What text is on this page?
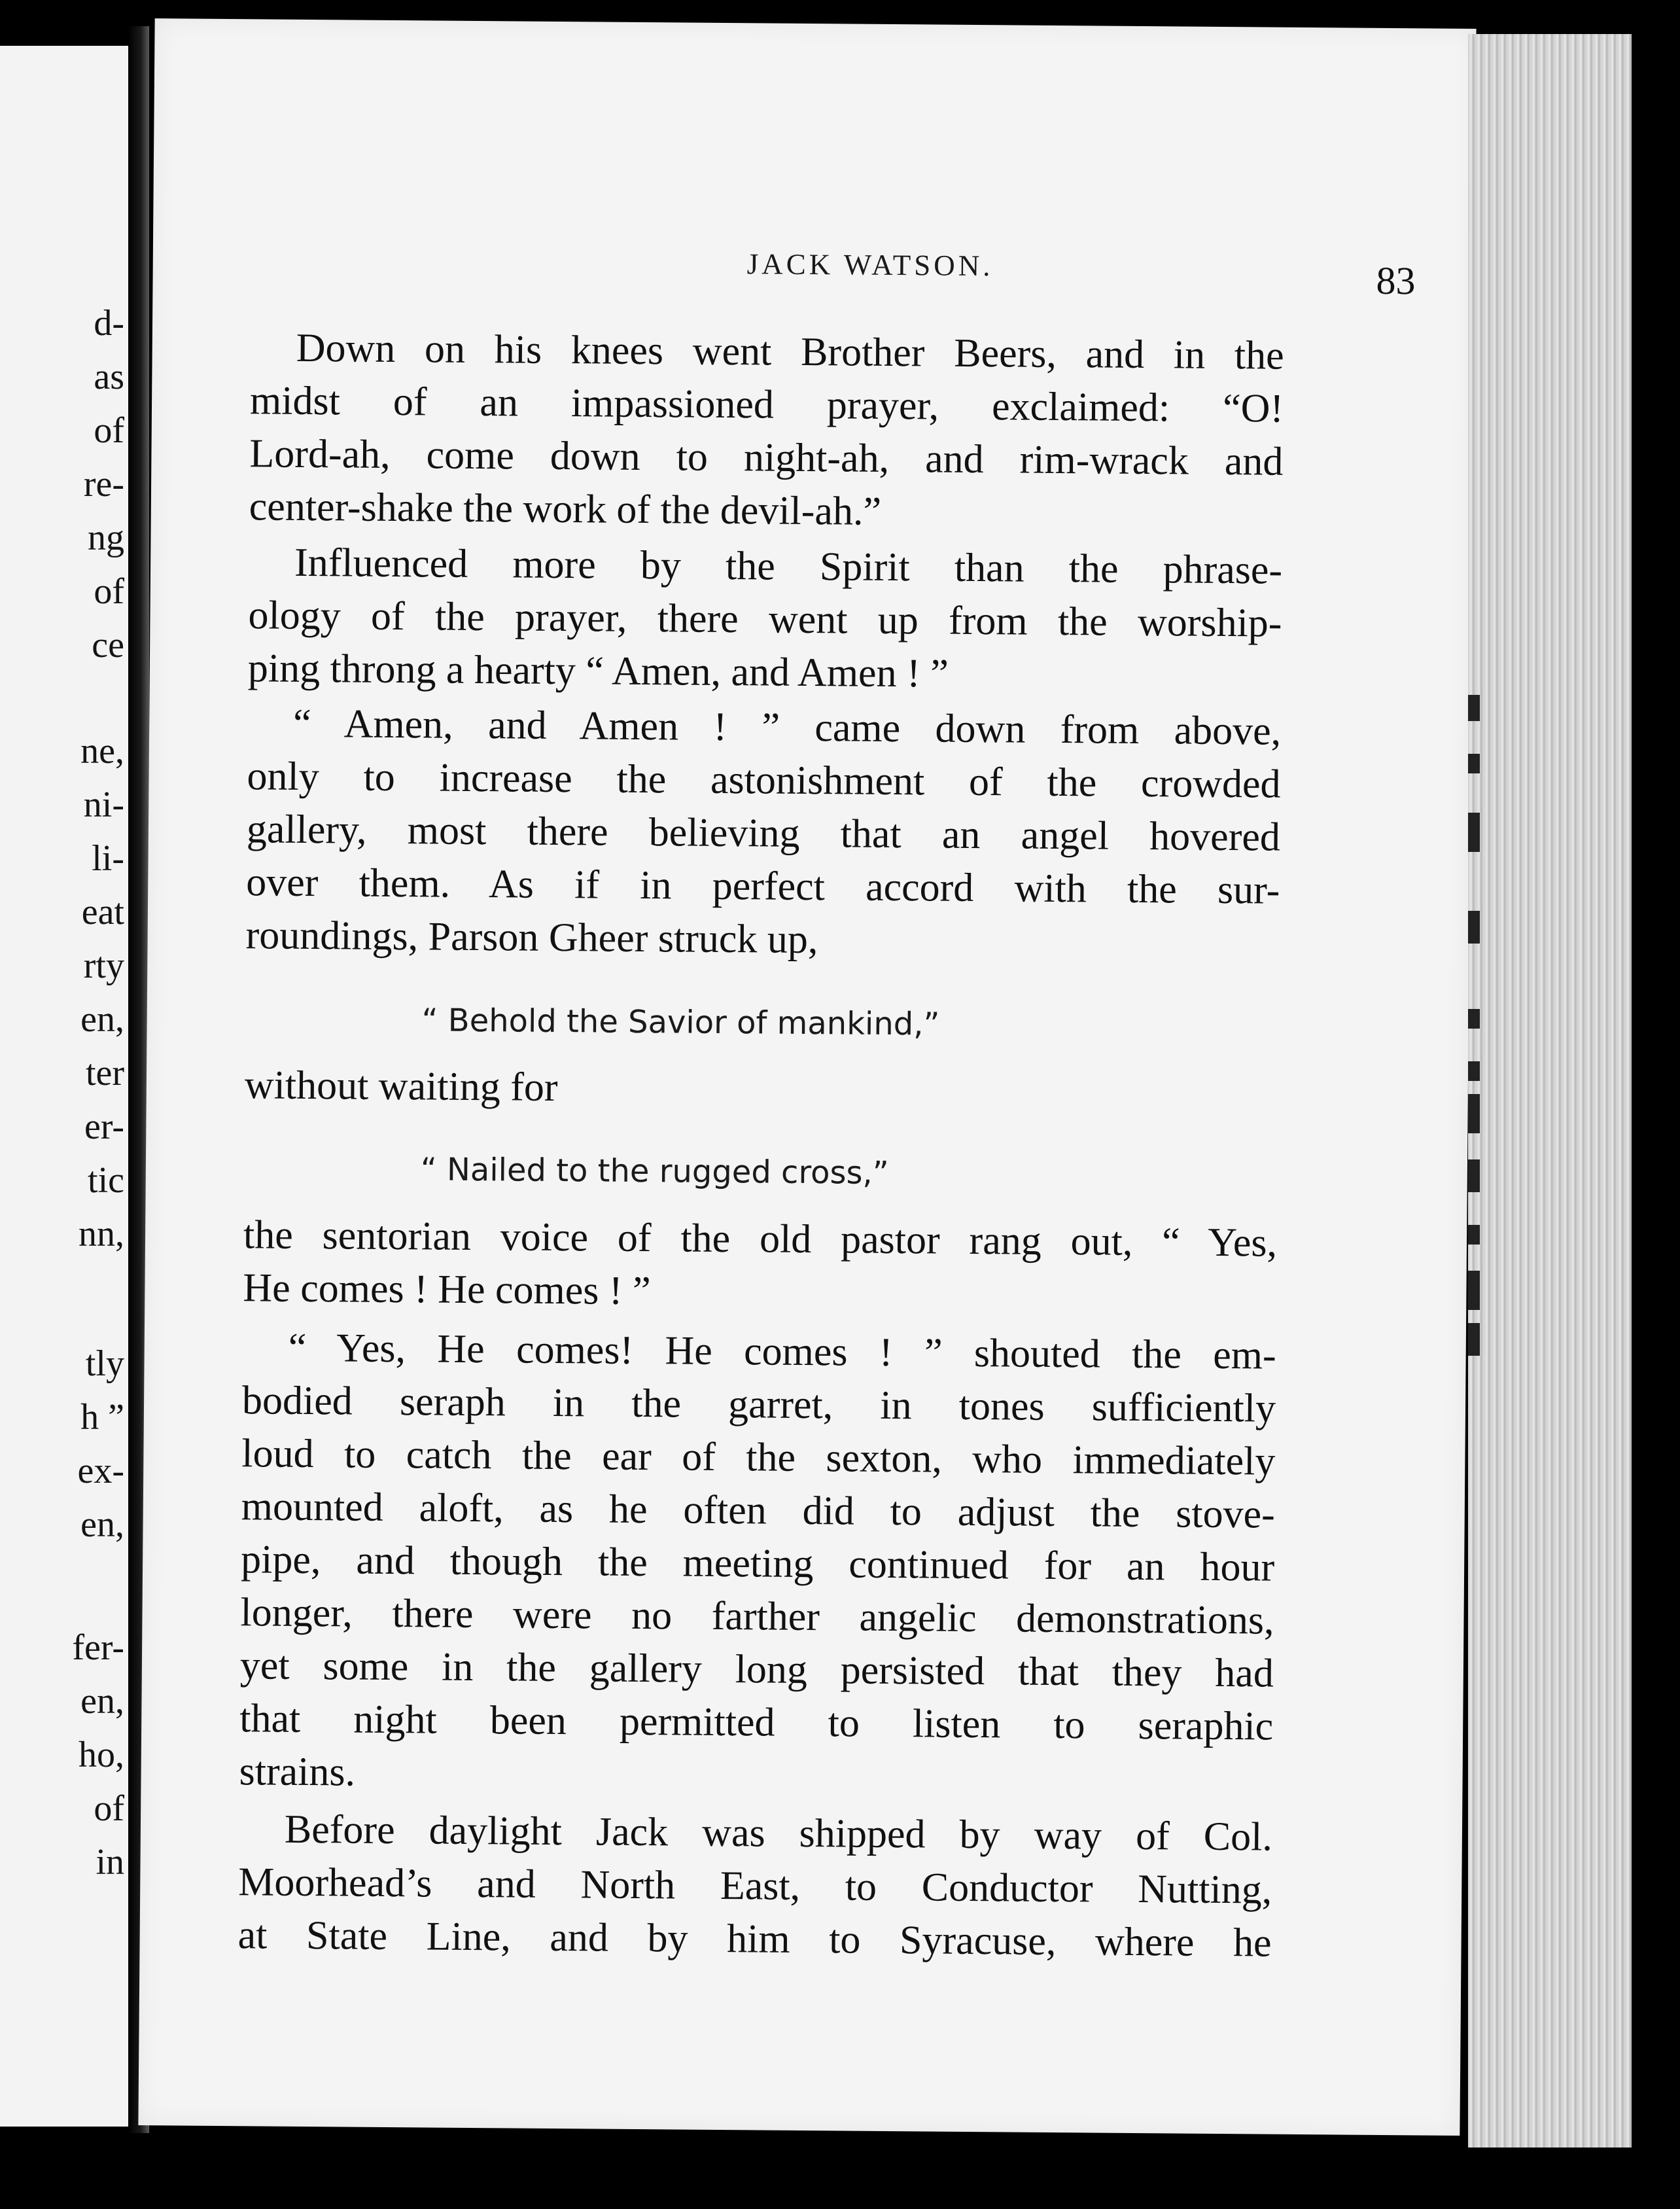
d-
as
of
re-
ng
of
ce
ne,
ni-
li-
eat
rty
en,
ter
er-
tic
nn,
tly
h ”
ex-
en,
fer-
en,
ho,
of
in
JACK WATSON.	83
Down on his knees went Brother Beers, and in the
midst of an impassioned prayer, exclaimed: “O!
Lord-ah, come down to night-ah, and rim-wrack and
center-shake the work of the devil-ah.”
Influenced more by the Spirit than the phrase-
ology of the prayer, there went up from the worship-
ping throng a hearty “ Amen, and Amen ! ”
“ Amen, and Amen ! ” came down from above,
only to increase the astonishment of the crowded
gallery, most there believing that an angel hovered
over them. As if in perfect accord with the sur-
roundings, Parson Gheer struck up,
“ Behold the Savior of mankind,”
without waiting for
“ Nailed to the rugged cross,”
the sentorian voice of the old pastor rang out, “ Yes,
He comes ! He comes ! ”
“ Yes, He comes! He comes ! ” shouted the em-
bodied seraph in the garret, in tones sufficiently
loud to catch the ear of the sexton, who immediately
mounted aloft, as he often did to adjust the stove-
pipe, and though the meeting continued for an hour
longer, there were no farther angelic demonstrations,
yet some in the gallery long persisted that they had
that night been permitted to listen to seraphic
strains.
Before daylight Jack was shipped by way of Col.
Moorhead’s and North East, to Conductor Nutting,
at State Line, and by him to Syracuse, where he
